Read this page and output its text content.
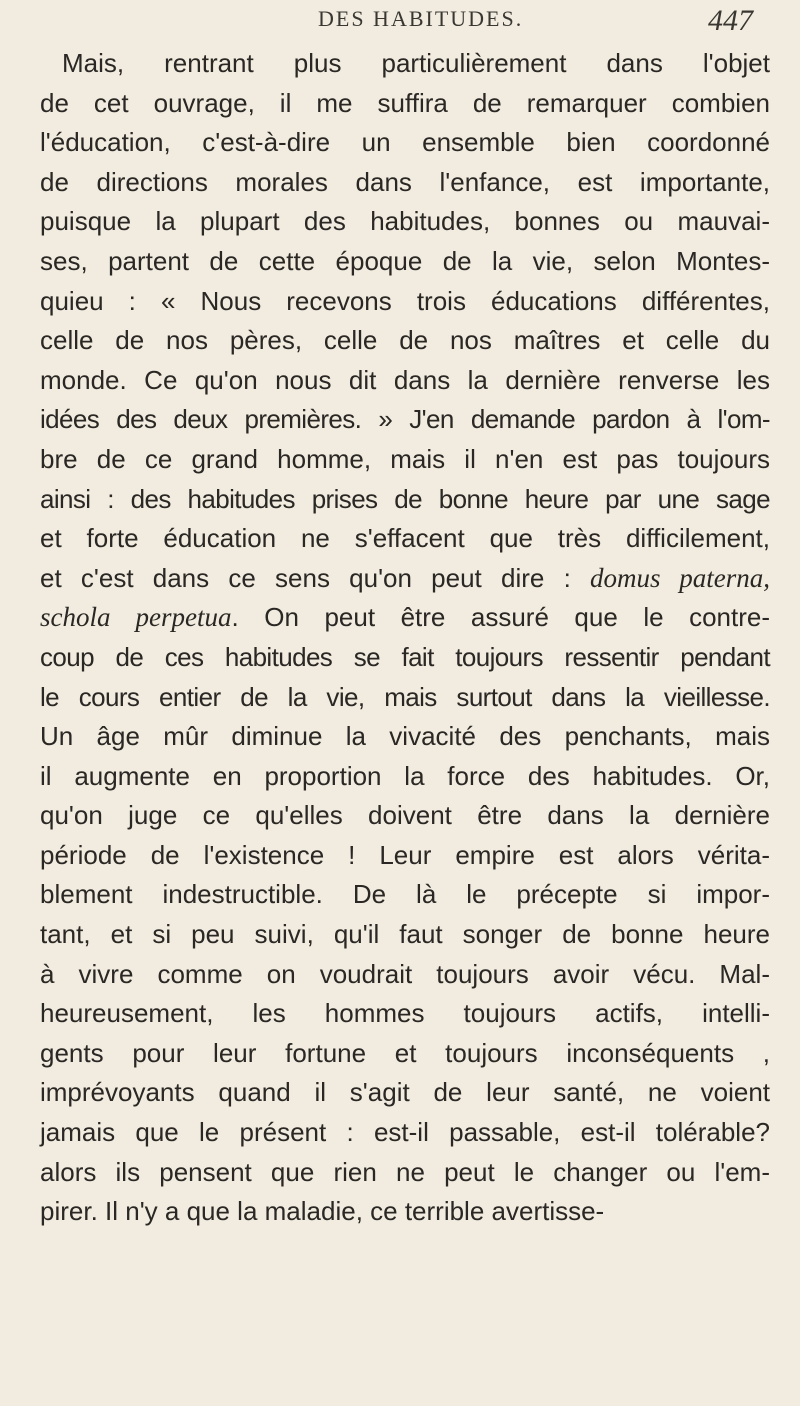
DES HABITUDES.	447
Mais, rentrant plus particulièrement dans l'objet
de cet ouvrage, il me suffira de remarquer combien
l'éducation, c'est-à-dire un ensemble bien coordonné
de directions morales dans l'enfance, est importante,
puisque la plupart des habitudes, bonnes ou mauvai-
ses, partent de cette époque de la vie, selon Montes-
quieu : « Nous recevons trois éducations différentes,
celle de nos pères, celle de nos maîtres et celle du
monde. Ce qu'on nous dit dans la dernière renverse les
idées des deux premières. » J'en demande pardon à l'om-
bre de ce grand homme, mais il n'en est pas toujours
ainsi : des habitudes prises de bonne heure par une sage
et forte éducation ne s'effacent que très difficilement,
et c'est dans ce sens qu'on peut dire : domus paterna,
schola perpetua. On peut être assuré que le contre-
coup de ces habitudes se fait toujours ressentir pendant
le cours entier de la vie, mais surtout dans la vieillesse.
Un âge mûr diminue la vivacité des penchants, mais
il augmente en proportion la force des habitudes. Or,
qu'on juge ce qu'elles doivent être dans la dernière
période de l'existence ! Leur empire est alors vérita-
blement indestructible. De là le précepte si impor-
tant, et si peu suivi, qu'il faut songer de bonne heure
à vivre comme on voudrait toujours avoir vécu. Mal-
heureusement, les hommes toujours actifs, intelli-
gents pour leur fortune et toujours inconséquents ,
imprévoyants quand il s'agit de leur santé, ne voient
jamais que le présent : est-il passable, est-il tolérable?
alors ils pensent que rien ne peut le changer ou l'em-
pirer. Il n'y a que la maladie, ce terrible avertisse-
